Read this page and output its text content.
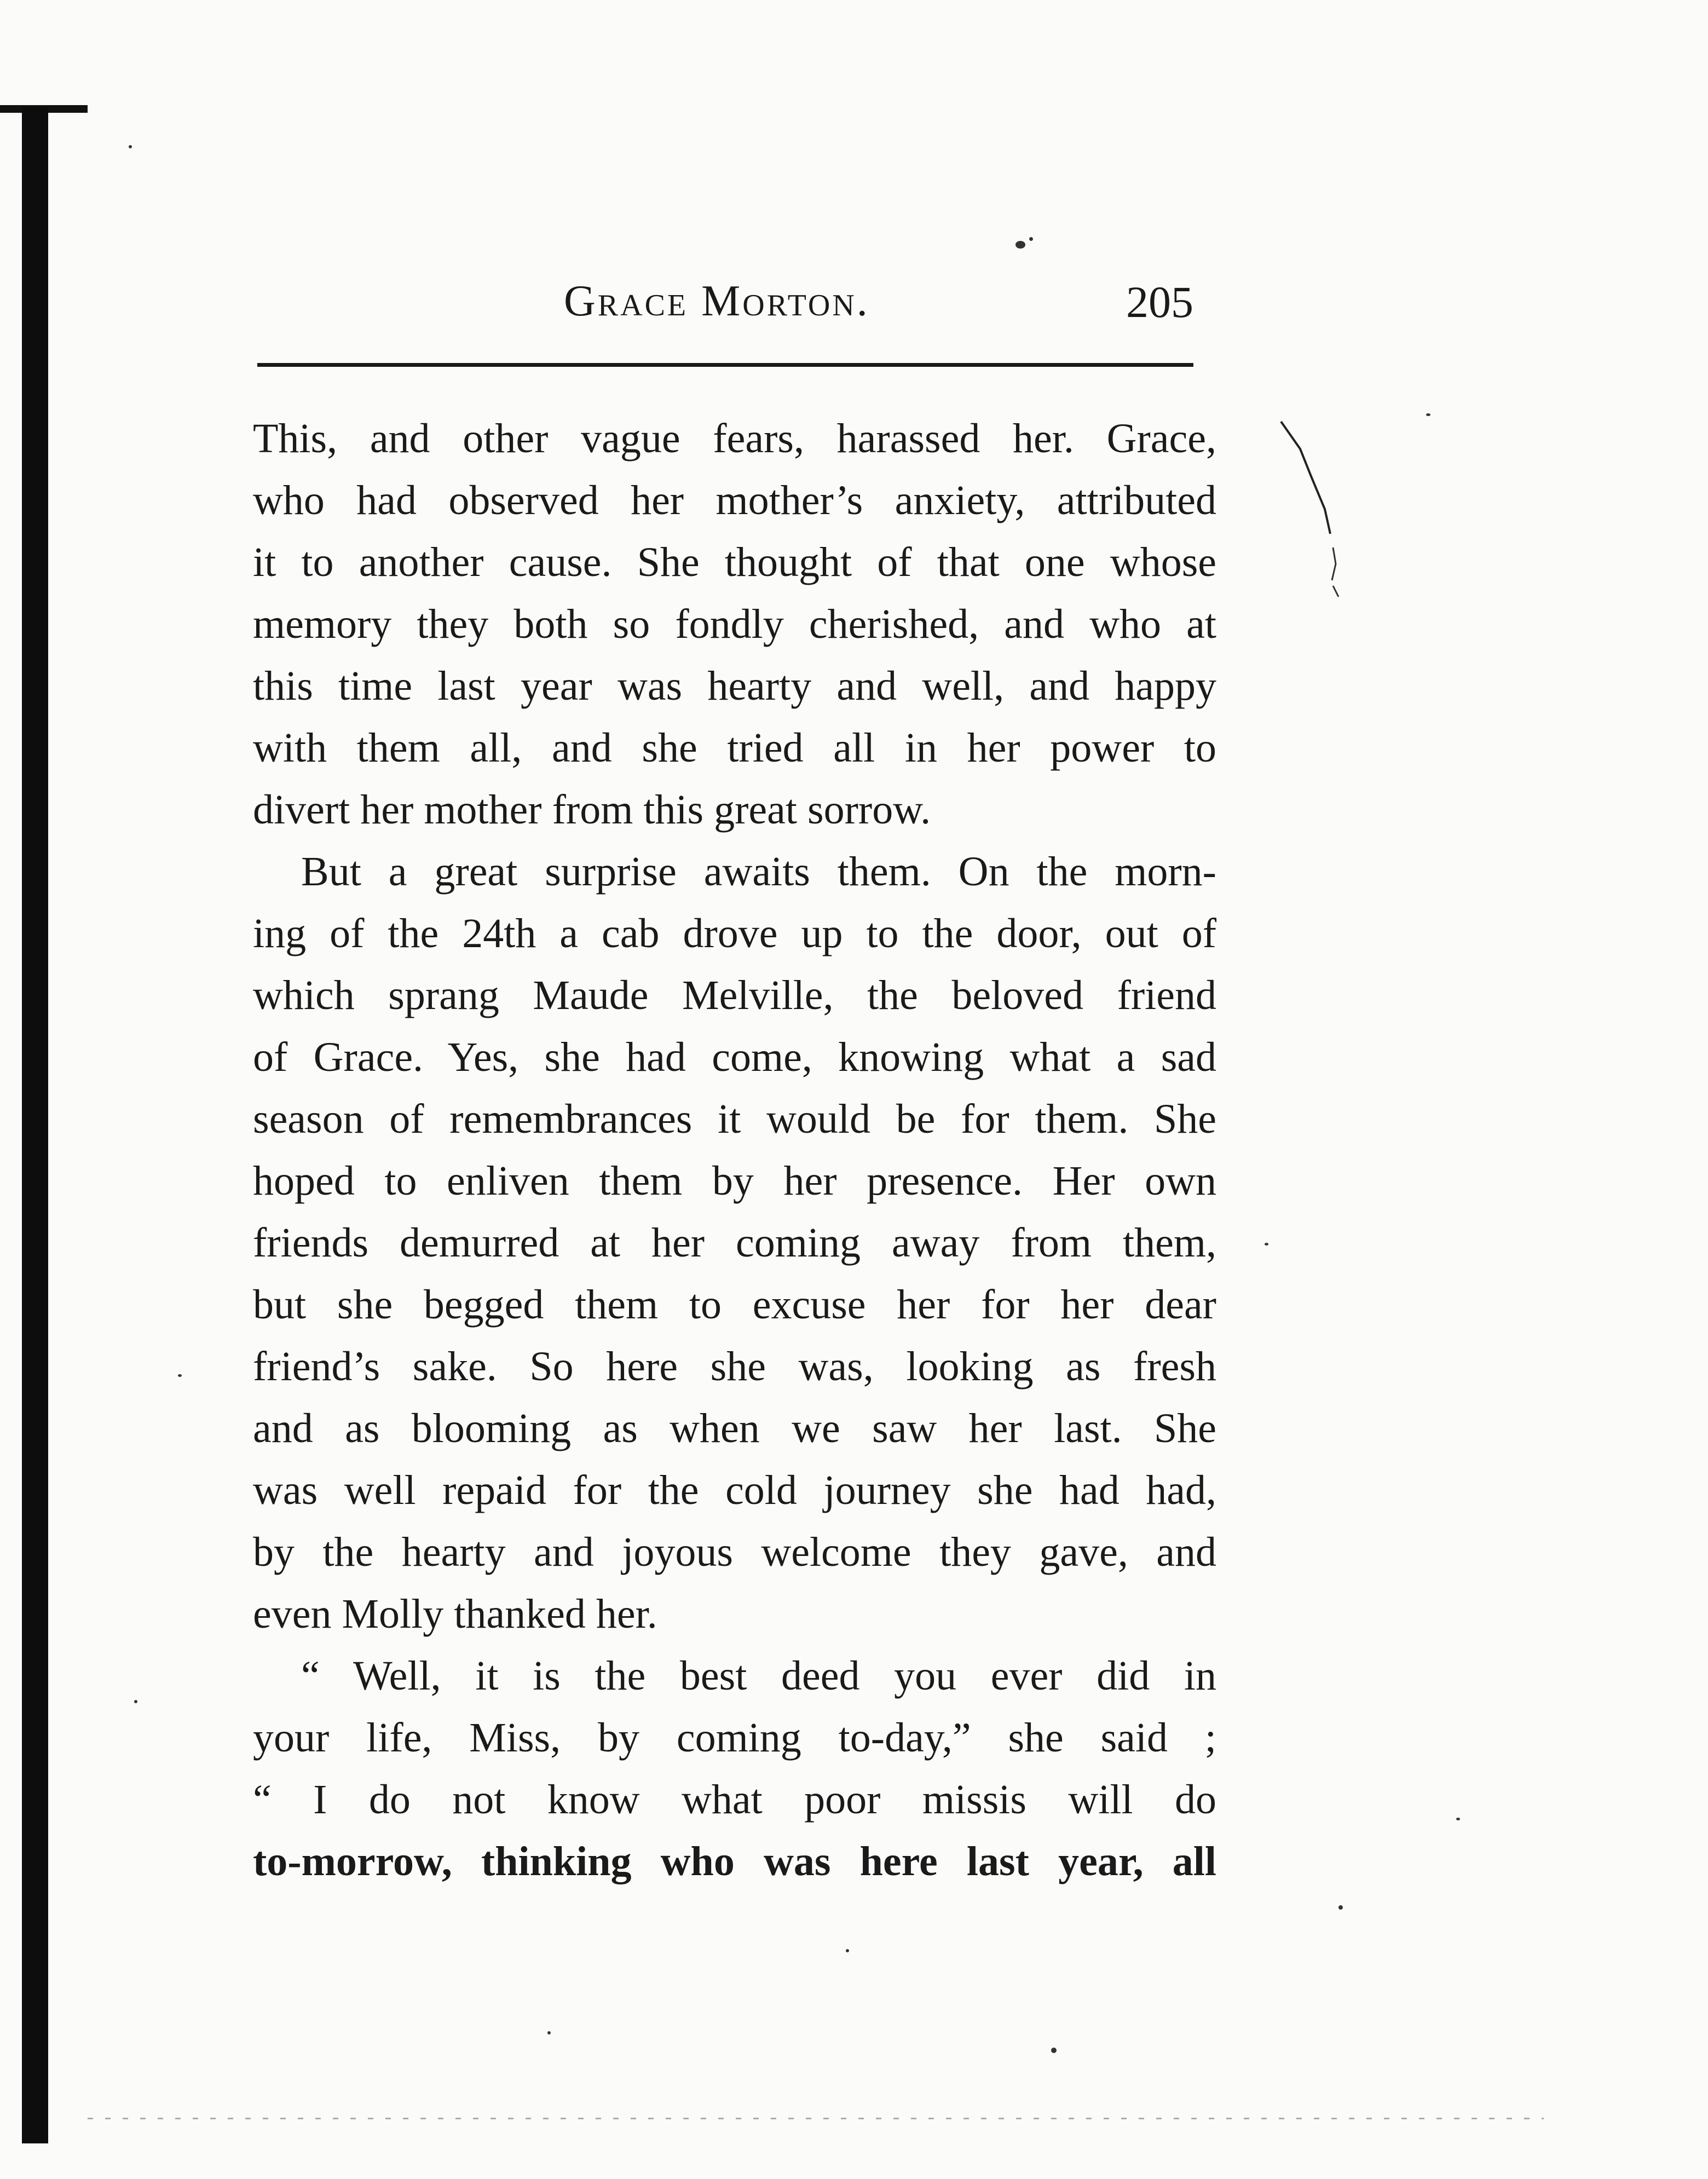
Grace Morton.	205
This, and other vague fears, harassed her. Grace,
who had observed her mother’s anxiety, attributed
it to another cause. She thought of that one whose
memory they both so fondly cherished, and who at
this time last year was hearty and well, and happy
with them all, and she tried all in her power to
divert her mother from this great sorrow.
But a great surprise awaits them. On the morn-
ing of the 24th a cab drove up to the door, out of
which sprang Maude Melville, the beloved friend
of Grace. Yes, she had come, knowing what a sad
season of remembrances it would be for them. She
hoped to enliven them by her presence. Her own
friends demurred at her coming away from them,
but she begged them to excuse her for her dear
friend’s sake. So here she was, looking as fresh
and as blooming as when we saw her last. She
was well repaid for the cold journey she had had,
by the hearty and joyous welcome they gave, and
even Molly thanked her.
“ Well, it is the best deed you ever did in
your life, Miss, by coming to-day,” she said ;
“ I do not know what poor missis will do
to-morrow, thinking who was here last year, all
